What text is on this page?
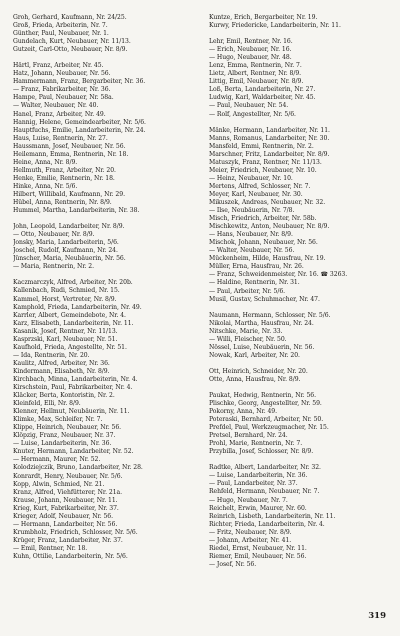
Groh, Gerhard, Kaufmann, Nr. 24/25.
Groß, Frieda, Arbeiterin, Nr. 7.
Günther, Paul, Neubauer, Nr. 1.
Gundelach, Kurt, Neubauer, Nr. 11/13.
Gutzeit, Carl-Otto, Neubauer, Nr. 8/9.
Härtl, Franz, Arbeiter, Nr. 45.
Hatz, Johann, Neubauer, Nr. 56.
Hammermann, Franz, Bergarbeiter, Nr. 36.
— Franz, Fabrikarbeiter, Nr. 36.
Hampe, Paul, Neubauer, Nr. 58a.
— Walter, Neubauer, Nr. 40.
Hanel, Franz, Arbeiter, Nr. 49.
Hannig, Helene, Gemeindearbeiter, Nr. 5/6.
Hauptfuchs, Emilie, Landarbeiterin, Nr. 24.
Haus, Luise, Rentnerin, Nr. 27.
Haussmann, Josef, Neubauer, Nr. 56.
Heilemann, Emma, Rentnerin, Nr. 18.
Heine, Anna, Nr. 8/9.
Hellmuth, Franz, Arbeiter, Nr. 20.
Henke, Emilie, Rentnerin, Nr. 18.
Hinke, Anna, Nr. 5/6.
Hilbert, Willibald, Kaufmann, Nr. 29.
Hübel, Anna, Rentnerin, Nr. 8/9.
Hummel, Martha, Landarbeiterin, Nr. 38.
John, Leopold, Landarbeiter, Nr. 8/9.
— Otto, Neubauer, Nr. 8/9.
Jonsky, Maria, Landarbeiterin, 5/6.
Joschel, Rudolf, Kaufmann, Nr. 24.
Jünscher, Maria, Neubäuerin, Nr. 56.
— Maria, Rentnerin, Nr. 2.
Kaczmarczyk, Alfred, Arbeiter, Nr. 20b.
Kallenbach, Rudi, Schmied, Nr. 15.
Kammel, Horst, Vertreter, Nr. 8/9.
Kamphold, Frieda, Landarbeiterin, Nr. 49.
Karrler, Albert, Gemeindebote, Nr. 4.
Karz, Elisabeth, Landarbeiterin, Nr. 11.
Kasanik, Josef, Rentner, Nr. 11/13.
Kasprzski, Karl, Neubauer, Nr. 51.
Kaufhold, Frieda, Angestellte, Nr. 51.
— Ida, Rentnerin, Nr. 20.
Kaulitz, Alfred, Arbeiter, Nr. 36.
Kindermann, Elisabeth, Nr. 8/9.
Kirchbach, Minna, Landarbeiterin, Nr. 4.
Kirschstein, Paul, Fabrikarbeiter, Nr. 4.
Kläcker, Berta, Kontoristin, Nr. 2.
Kleinfeld, Elli, Nr. 8/9.
Klenner, Hellmut, Neubäuerin, Nr. 11.
Klimke, Max, Schleifer, Nr. 7.
Klippe, Heinrich, Neubauer, Nr. 56.
Klöpzig, Franz, Neubauer, Nr. 37.
— Luise, Landarbeiterin, Nr. 36.
Knuter, Hermann, Landarbeiter, Nr. 52.
— Hermann, Maurer, Nr. 52.
Kolodziejczik, Bruno, Landarbeiter, Nr. 28.
Konrardt, Henry, Neubauer, Nr. 5/6.
Kopp, Alwin, Schmied, Nr. 21.
Kranz, Alfred, Viehfütterer, Nr. 21a.
Krause, Johann, Neubauer, Nr. 11.
Krieg, Kurt, Fabrikarbeiter, Nr. 37.
Krieger, Adolf, Neubauer, Nr. 56.
— Hermann, Landarbeiter, Nr. 56.
Krumbholz, Friedrich, Schlosser, Nr. 5/6.
Krüger, Franz, Landarbeiter, Nr. 37.
— Emil, Rentner, Nr. 18.
Kuhn, Ottilie, Landarbeiterin, Nr. 5/6.
Kuntze, Erich, Bergarbeiter, Nr. 19.
Kurwy, Friedericke, Landarbeiterin, Nr. 11.
Lehr, Emil, Rentner, Nr. 16.
— Erich, Neubauer, Nr. 16.
— Hugo, Neubauer, Nr. 48.
Lenz, Emma, Rentnerin, Nr. 7.
Lietz, Albert, Rentner, Nr. 8/9.
Littig, Emil, Neubauer, Nr. 8/9.
Loß, Berta, Landarbeiterin, Nr. 27.
Ludwig, Karl, Waldarbeiter, Nr. 45.
— Paul, Neubauer, Nr. 54.
— Rolf, Angestellter, Nr. 5/6.
Mänke, Hermann, Landarbeiter, Nr. 11.
Manns, Romanus, Landarbeiter, Nr. 30.
Mansfeld, Emmi, Rentnerin, Nr. 2.
Marschner, Fritz, Landarbeiter, Nr. 8/9.
Matuszyk, Franz, Rentner, Nr. 11/13.
Meier, Friedrich, Neubauer, Nr. 10.
— Heinz, Neubauer, Nr. 10.
Mertens, Alfred, Schlosser, Nr. 7.
Meyer, Karl, Neubauer, Nr. 30.
Mikuszek, Andreas, Neubauer, Nr. 32.
— Ilse, Neubäuerin, Nr. 7/8.
Misch, Friedrich, Arbeiter, Nr. 58b.
Mischkewitz, Anton, Neubauer, Nr. 8/9.
— Hans, Neubauer, Nr. 8/9.
Mischok, Johann, Neubauer, Nr. 56.
— Walter, Neubauer, Nr. 56.
Mückenheim, Hilde, Hausfrau, Nr. 19.
Müller, Erna, Hausfrau, Nr. 26.
— Franz, Schweidenmeister, Nr. 16. ☎ 3263.
— Haldine, Rentnerin, Nr. 31.
— Paul, Arbeiter, Nr. 5/6.
Musil, Gustav, Schuhmacher, Nr. 47.
Naumann, Hermann, Schlosser, Nr. 5/6.
Nikolai, Martha, Hausfrau, Nr. 24.
Nitschke, Marie, Nr. 33.
— Willi, Fleischer, Nr. 50.
Nössel, Luise, Neubäuerin, Nr. 56.
Nowak, Karl, Arbeiter, Nr. 20.
Ott, Heinrich, Schneider, Nr. 20.
Otte, Anna, Hausfrau, Nr. 8/9.
Paukat, Hedwig, Rentnerin, Nr. 56.
Plischke, Georg, Angestellter, Nr. 59.
Pokorny, Anna, Nr. 49.
Poteraski, Bernhard, Arbeiter, Nr. 50.
Prefdel, Paul, Werkzeugmacher, Nr. 15.
Pretsel, Bernhard, Nr. 24.
Prohl, Marie, Rentnerin, Nr. 7.
Przybilla, Josef, Schlosser, Nr. 8/9.
Radtke, Albert, Landarbeiter, Nr. 32.
— Luise, Landarbeiterin, Nr. 36.
— Paul, Landarbeiter, Nr. 37.
Rehfeld, Hermann, Neubauer, Nr. 7.
— Hugo, Neubauer, Nr. 7.
Reichelt, Erwin, Maurer, Nr. 60.
Reinrich, Lisbeth, Landarbeiterin, Nr. 11.
Richter, Frieda, Landarbeiterin, Nr. 4.
— Fritz, Neubauer, Nr. 8/9.
— Johann, Arbeiter, Nr. 41.
Riedel, Ernst, Neubauer, Nr. 11.
Riemer, Emil, Neubauer, Nr. 56.
— Josef, Nr. 56.
319
